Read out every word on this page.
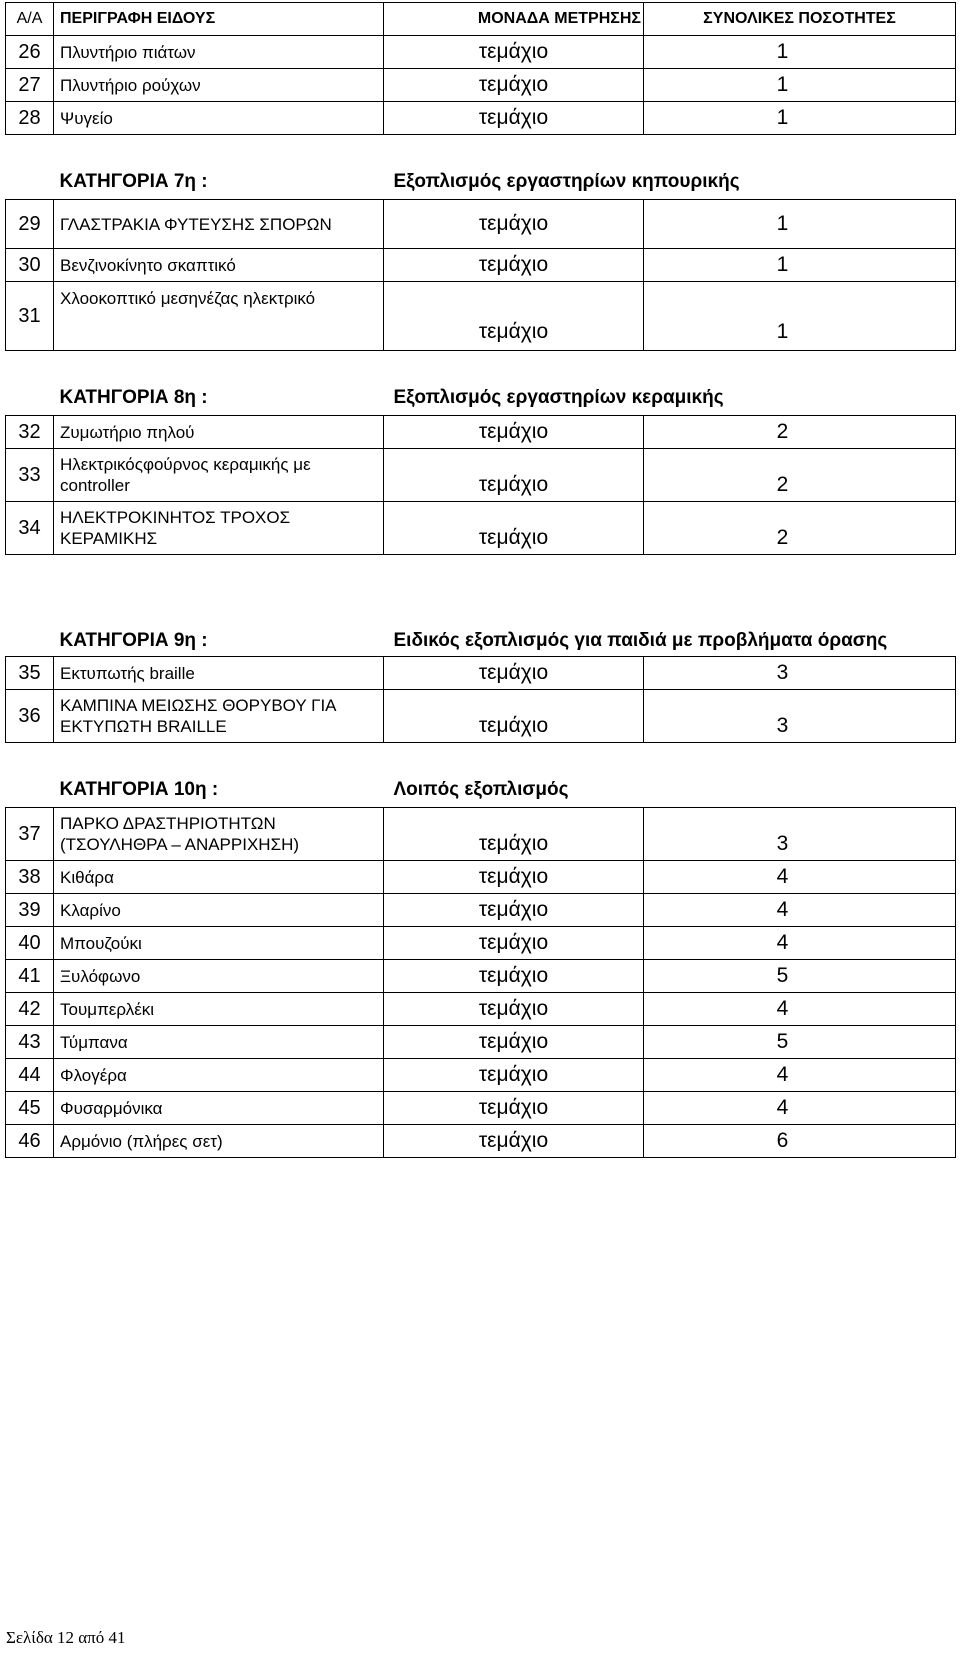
Α/Α	ΠΕΡΙΓΡΑΦΗ ΕΙΔΟΥΣ	ΜΟΝΑΔΑ ΜΕΤΡΗΣΗΣ	ΣΥΝΟΛΙΚΕΣ ΠΟΣΟΤΗΤΕΣ
26	Πλυντήριο πιάτων	τεμάχιο	1
27	Πλυντήριο ρούχων	τεμάχιο	1
28	Ψυγείο	τεμάχιο	1

	ΚΑΤΗΓΟΡΙΑ 7η :	Εξοπλισμός εργαστηρίων κηπουρικής	
29	ΓΛΑΣΤΡΑΚΙΑ ΦΥΤΕΥΣΗΣ ΣΠΟΡΩΝ	τεμάχιο	1
30	Βενζινοκίνητο σκαπτικό	τεμάχιο	1
31	Χλοοκοπτικό μεσηνέζας ηλεκτρικό	τεμάχιο	1

	ΚΑΤΗΓΟΡΙΑ 8η :	Εξοπλισμός εργαστηρίων κεραμικής	
32	Ζυμωτήριο πηλού	τεμάχιο	2
33	Ηλεκτρικόςφούρνος κεραμικής με controller	τεμάχιο	2
34	ΗΛΕΚΤΡΟΚΙΝΗΤΟΣ ΤΡΟΧΟΣ ΚΕΡΑΜΙΚΗΣ	τεμάχιο	2

	ΚΑΤΗΓΟΡΙΑ 9η :	Ειδικός εξοπλισμός για παιδιά με προβλήματα όρασης	
35	Εκτυπωτής braille	τεμάχιο	3
36	ΚΑΜΠΙΝΑ ΜΕΙΩΣΗΣ ΘΟΡΥΒΟΥ ΓΙΑ ΕΚΤΥΠΩΤΗ BRAILLE	τεμάχιο	3

	ΚΑΤΗΓΟΡΙΑ 10η :	Λοιπός εξοπλισμός	
37	ΠΑΡΚΟ ΔΡΑΣΤΗΡΙΟΤΗΤΩΝ (ΤΣΟΥΛΗΘΡΑ – ΑΝΑΡΡΙΧΗΣΗ)	τεμάχιο	3
38	Κιθάρα	τεμάχιο	4
39	Κλαρίνο	τεμάχιο	4
40	Μπουζούκι	τεμάχιο	4
41	Ξυλόφωνο	τεμάχιο	5
42	Τουμπερλέκι	τεμάχιο	4
43	Τύμπανα	τεμάχιο	5
44	Φλογέρα	τεμάχιο	4
45	Φυσαρμόνικα	τεμάχιο	4
46	Αρμόνιο (πλήρες σετ)	τεμάχιο	6
Σελίδα 12 από 41
